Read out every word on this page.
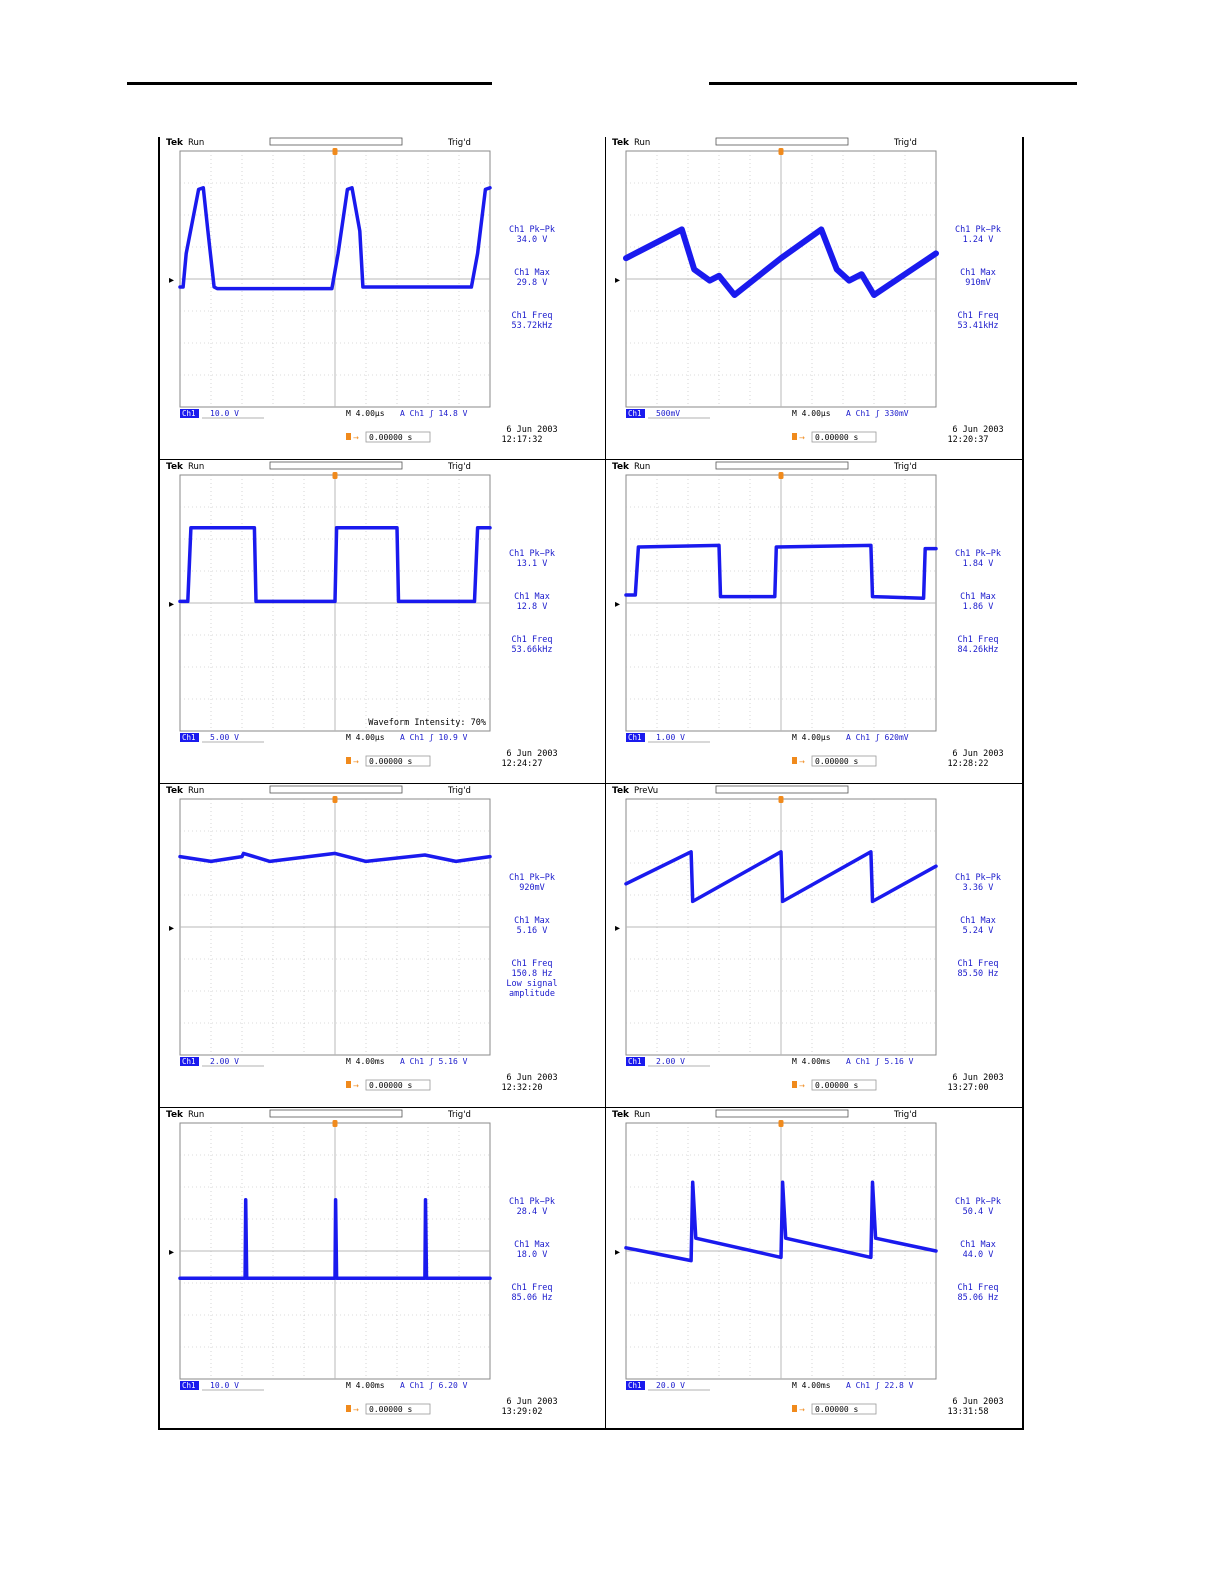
Tek Run	Trig'd
▸
Ch1 10.0 V	M 4.00µs A Ch1 ʃ 14.8 V
→ 0.00000 s
6 Jun 2003
12:17:32
Ch1 Pk−Pk
34.0 V
Ch1 Max
29.8 V
Ch1 Freq
53.72kHz
Tek Run	Trig'd
▸
Ch1 500mV	M 4.00µs A Ch1 ʃ 330mV
→ 0.00000 s
6 Jun 2003
12:20:37
Ch1 Pk−Pk
1.24 V
Ch1 Max
910mV
Ch1 Freq
53.41kHz
Tek Run	Trig'd
▸
Waveform Intensity: 70%
Ch1 5.00 V	M 4.00µs A Ch1 ʃ 10.9 V
→ 0.00000 s
6 Jun 2003
12:24:27
Ch1 Pk−Pk
13.1 V
Ch1 Max
12.8 V
Ch1 Freq
53.66kHz
Tek Run	Trig'd
▸
Ch1 1.00 V	M 4.00µs A Ch1 ʃ 620mV
→ 0.00000 s
6 Jun 2003
12:28:22
Ch1 Pk−Pk
1.84 V
Ch1 Max
1.86 V
Ch1 Freq
84.26kHz
Tek Run	Trig'd
▸
Ch1 2.00 V	M 4.00ms A Ch1 ʃ 5.16 V
→ 0.00000 s
6 Jun 2003
12:32:20
Ch1 Pk−Pk
920mV
Ch1 Max
5.16 V
Ch1 Freq
150.8 Hz
Low signal
amplitude
Tek PreVu
▸
Ch1 2.00 V	M 4.00ms A Ch1 ʃ 5.16 V
→ 0.00000 s
6 Jun 2003
13:27:00
Ch1 Pk−Pk
3.36 V
Ch1 Max
5.24 V
Ch1 Freq
85.50 Hz
Tek Run	Trig'd
▸
Ch1 10.0 V	M 4.00ms A Ch1 ʃ 6.20 V
→ 0.00000 s
6 Jun 2003
13:29:02
Ch1 Pk−Pk
28.4 V
Ch1 Max
18.0 V
Ch1 Freq
85.06 Hz
Tek Run	Trig'd
▸
Ch1 20.0 V	M 4.00ms A Ch1 ʃ 22.8 V
→ 0.00000 s
6 Jun 2003
13:31:58
Ch1 Pk−Pk
50.4 V
Ch1 Max
44.0 V
Ch1 Freq
85.06 Hz
